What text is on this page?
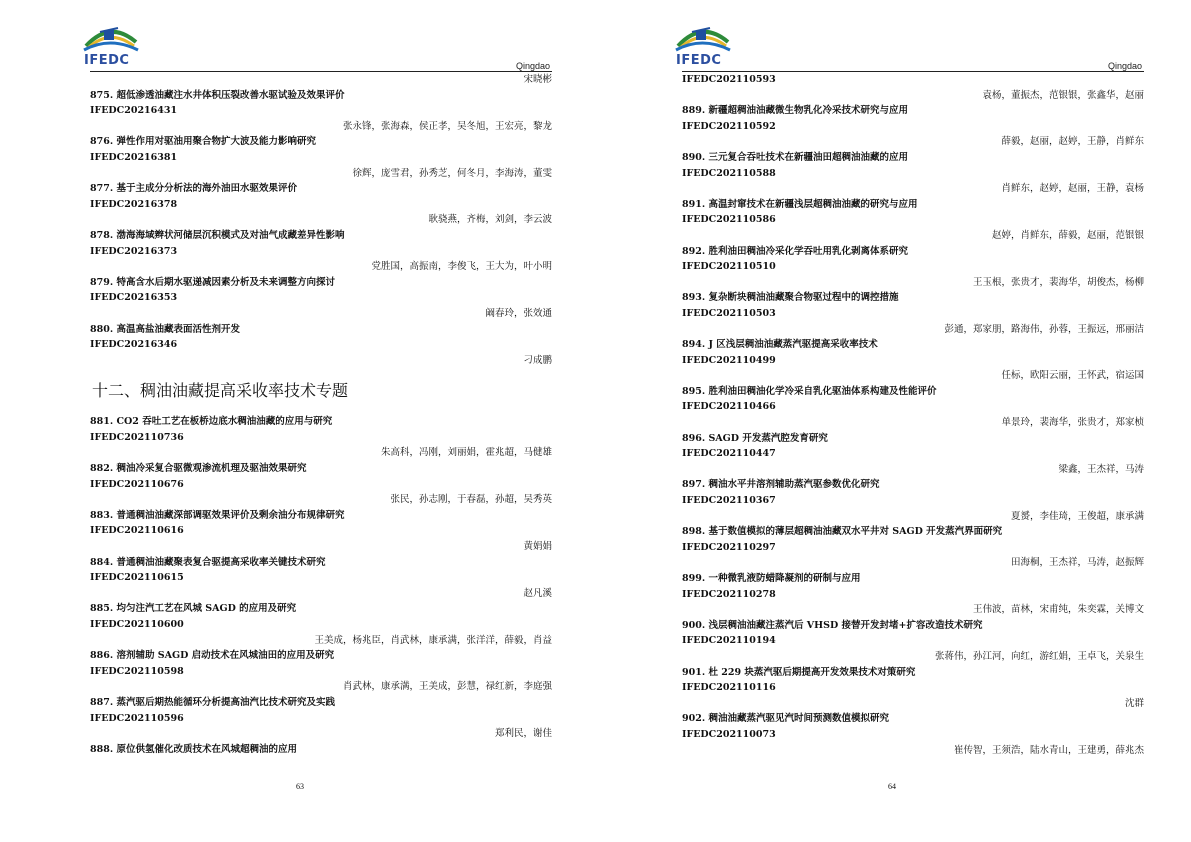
IFEDC	Qingdao
宋晓彬
875. 超低渗透油藏注水井体积压裂改善水驱试验及效果评价
IFEDC20216431
张永锋，张海森，侯正孝，吴冬旭，王宏亮，黎龙
876. 弹性作用对驱油用聚合物扩大波及能力影响研究
IFEDC20216381
徐辉，庞雪君，孙秀芝，何冬月，李海涛，董雯
877. 基于主成分分析法的海外油田水驱效果评价
IFEDC20216378
耿骁燕，齐梅，刘剑，李云波
878. 渤海海域辫状河储层沉积模式及对油气成藏差异性影响
IFEDC20216373
党胜国，高振南，李俊飞，王大为，叶小明
879. 特高含水后期水驱递减因素分析及未来调整方向探讨
IFEDC20216353
阚春玲，张效通
880. 高温高盐油藏表面活性剂开发
IFEDC20216346
刁成鹏
十二、稠油油藏提高采收率技术专题
881. CO2 吞吐工艺在板桥边底水稠油油藏的应用与研究
IFEDC202110736
朱高科，冯刚，刘丽娟，霍兆超，马健雄
882. 稠油冷采复合驱微观渗流机理及驱油效果研究
IFEDC202110676
张民，孙志刚，于春磊，孙超，吴秀英
883. 普通稠油油藏深部调驱效果评价及剩余油分布规律研究
IFEDC202110616
黄娟娟
884. 普通稠油油藏聚表复合驱提高采收率关键技术研究
IFEDC202110615
赵凡溪
885. 均匀注汽工艺在风城 SAGD 的应用及研究
IFEDC202110600
王美成，杨兆臣，肖武林，康承满，张洋洋，薛毅，肖益
886. 溶剂辅助 SAGD 启动技术在风城油田的应用及研究
IFEDC202110598
肖武林，康承满，王美成，彭慧，禄红新，李庭强
887. 蒸汽驱后期热能循环分析提高油汽比技术研究及实践
IFEDC202110596
郑利民，谢佳
888. 原位供氢催化改质技术在风城超稠油的应用
63
IFEDC	Qingdao
IFEDC202110593
袁杨，董振杰，范银银，张鑫华，赵丽
889. 新疆超稠油油藏微生物乳化冷采技术研究与应用
IFEDC202110592
薛毅，赵丽，赵婷，王静，肖鲜东
890. 三元复合吞吐技术在新疆油田超稠油油藏的应用
IFEDC202110588
肖鲜东，赵婷，赵丽，王静，袁杨
891. 高温封窜技术在新疆浅层超稠油油藏的研究与应用
IFEDC202110586
赵婷，肖鲜东，薛毅，赵丽，范银银
892. 胜利油田稠油冷采化学吞吐用乳化剥离体系研究
IFEDC202110510
王玉根，张贵才，裴海华，胡俊杰，杨柳
893. 复杂断块稠油油藏聚合物驱过程中的调控措施
IFEDC202110503
彭通，郑家朋，路海伟，孙蓉，王振远，邢丽洁
894. J 区浅层稠油油藏蒸汽驱提高采收率技术
IFEDC202110499
任标，欧阳云丽，王怀武，宿运国
895. 胜利油田稠油化学冷采自乳化驱油体系构建及性能评价
IFEDC202110466
单景玲，裴海华，张贵才，郑家桢
896. SAGD 开发蒸汽腔发育研究
IFEDC202110447
梁鑫，王杰祥，马涛
897. 稠油水平井溶剂辅助蒸汽驱参数优化研究
IFEDC202110367
夏赟，李佳琦，王俊超，康承满
898. 基于数值模拟的薄层超稠油油藏双水平井对 SAGD 开发蒸汽界面研究
IFEDC202110297
田海桐，王杰祥，马涛，赵振辉
899. 一种微乳液防蜡降凝剂的研制与应用
IFEDC202110278
王伟波，苗林，宋甫纯，朱奕霖，关博文
900. 浅层稠油油藏注蒸汽后 VHSD 接替开发封堵+扩容改造技术研究
IFEDC202110194
张蒋伟，孙江河，向红，游红娟，王卓飞，关泉生
901. 杜 229 块蒸汽驱后期提高开发效果技术对策研究
IFEDC202110116
沈群
902. 稠油油藏蒸汽驱见汽时间预测数值模拟研究
IFEDC202110073
崔传智，王须浩，陆水青山，王建勇，薛兆杰
64
